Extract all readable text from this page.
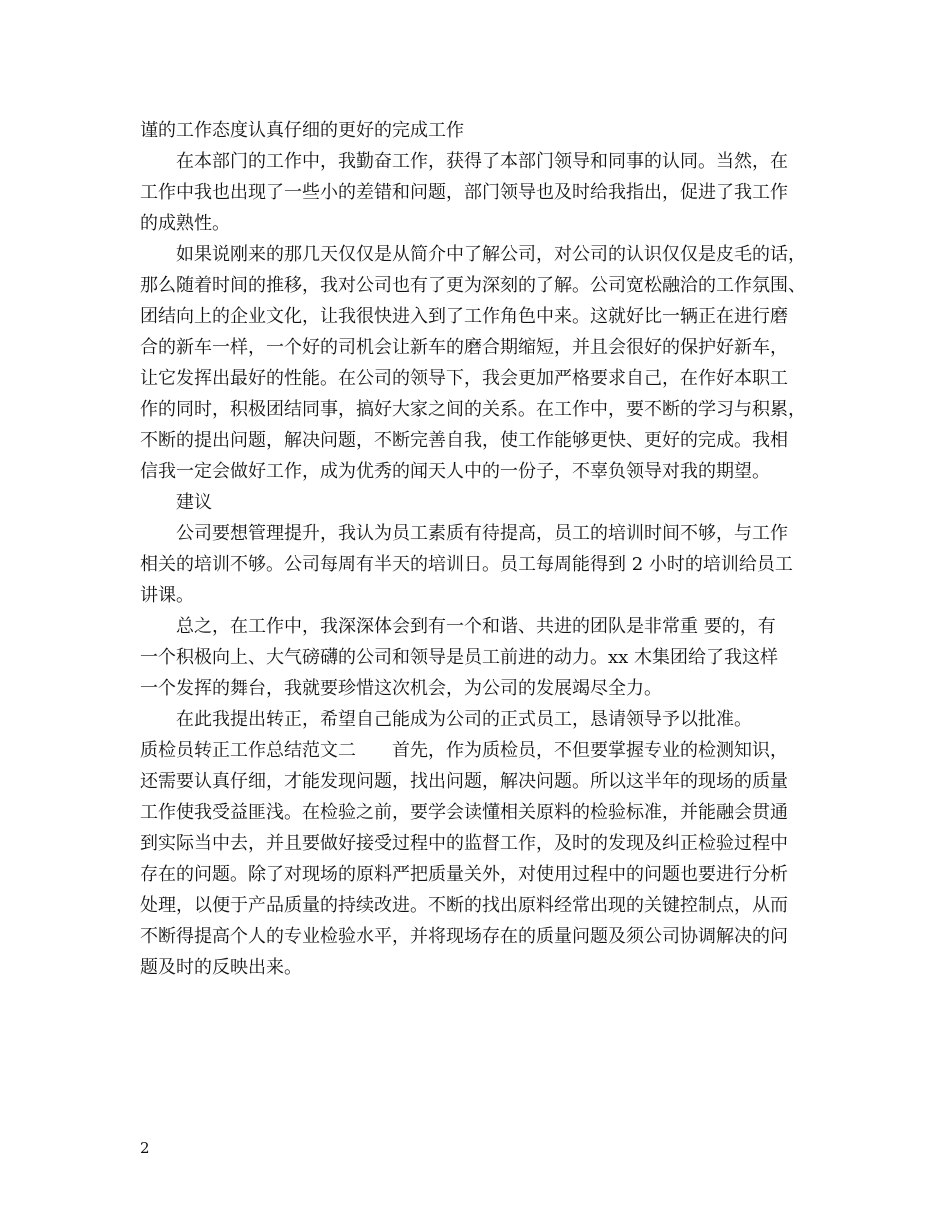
谨的工作态度认真仔细的更好的完成工作
在本部门的工作中，我勤奋工作，获得了本部门领导和同事的认同。当然，在
工作中我也出现了一些小的差错和问题，部门领导也及时给我指出，促进了我工作
的成熟性。
如果说刚来的那几天仅仅是从简介中了解公司，对公司的认识仅仅是皮毛的话，
那么随着时间的推移，我对公司也有了更为深刻的了解。公司宽松融洽的工作氛围、
团结向上的企业文化，让我很快进入到了工作角色中来。这就好比一辆正在进行磨
合的新车一样，一个好的司机会让新车的磨合期缩短，并且会很好的保护好新车，
让它发挥出最好的性能。在公司的领导下，我会更加严格要求自己，在作好本职工
作的同时，积极团结同事，搞好大家之间的关系。在工作中，要不断的学习与积累，
不断的提出问题，解决问题，不断完善自我，使工作能够更快、更好的完成。我相
信我一定会做好工作，成为优秀的闻天人中的一份子，不辜负领导对我的期望。
建议
公司要想管理提升，我认为员工素质有待提高，员工的培训时间不够，与工作
相关的培训不够。公司每周有半天的培训日。员工每周能得到 2 小时的培训给员工
讲课。
总之，在工作中，我深深体会到有一个和谐、共进的团队是非常重 要的，有
一个积极向上、大气磅礴的公司和领导是员工前进的动力。xx 木集团给了我这样
一个发挥的舞台，我就要珍惜这次机会，为公司的发展竭尽全力。
在此我提出转正，希望自己能成为公司的正式员工，恳请领导予以批准。
质检员转正工作总结范文二　　首先，作为质检员，不但要掌握专业的检测知识，
还需要认真仔细，才能发现问题，找出问题，解决问题。所以这半年的现场的质量
工作使我受益匪浅。在检验之前，要学会读懂相关原料的检验标准，并能融会贯通
到实际当中去，并且要做好接受过程中的监督工作，及时的发现及纠正检验过程中
存在的问题。除了对现场的原料严把质量关外，对使用过程中的问题也要进行分析
处理，以便于产品质量的持续改进。不断的找出原料经常出现的关键控制点，从而
不断得提高个人的专业检验水平，并将现场存在的质量问题及须公司协调解决的问
题及时的反映出来。
2
